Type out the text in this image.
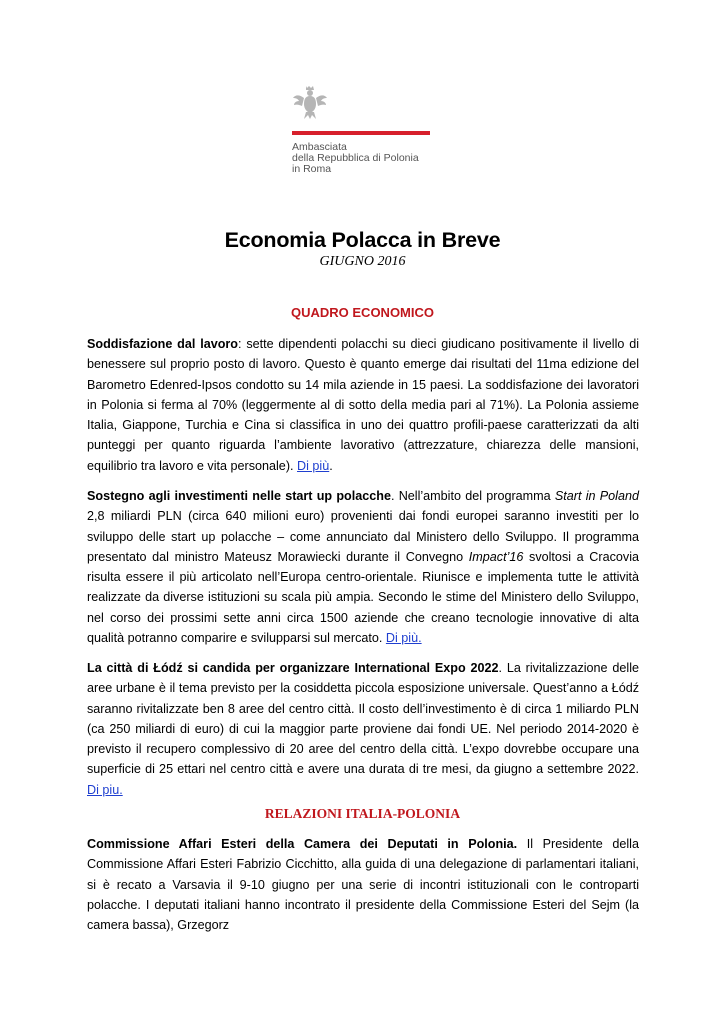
Ambasciata
della Repubblica di Polonia
in Roma
Economia Polacca in Breve
GIUGNO 2016
QUADRO ECONOMICO

Soddisfazione dal lavoro: sette dipendenti polacchi su dieci giudicano positivamente il livello di benessere sul proprio posto di lavoro. Questo è quanto emerge dai risultati del 11ma edizione del Barometro Edenred-Ipsos condotto su 14 mila aziende in 15 paesi. La soddisfazione dei lavoratori in Polonia si ferma al 70% (leggermente al di sotto della media pari al 71%). La Polonia assieme Italia, Giappone, Turchia e Cina si classifica in uno dei quattro profili-paese caratterizzati da alti punteggi per quanto riguarda l’ambiente lavorativo (attrezzature, chiarezza delle mansioni, equilibrio tra lavoro e vita personale). Di più.

Sostegno agli investimenti nelle start up polacche. Nell’ambito del programma Start in Poland 2,8 miliardi PLN (circa 640 milioni euro) provenienti dai fondi europei saranno investiti per lo sviluppo delle start up polacche – come annunciato dal Ministero dello Sviluppo. Il programma presentato dal ministro Mateusz Morawiecki durante il Convegno Impact’16 svoltosi a Cracovia risulta essere il più articolato nell’Europa centro-orientale. Riunisce e implementa tutte le attività realizzate da diverse istituzioni su scala più ampia. Secondo le stime del Ministero dello Sviluppo, nel corso dei prossimi sette anni circa 1500 aziende che creano tecnologie innovative di alta qualità potranno comparire e svilupparsi sul mercato. Di più.

La città di Łódź si candida per organizzare International Expo 2022. La rivitalizzazione delle aree urbane è il tema previsto per la cosiddetta piccola esposizione universale. Quest’anno a Łódź saranno rivitalizzate ben 8 aree del centro città. Il costo dell’investimento è di circa 1 miliardo PLN (ca 250 miliardi di euro) di cui la maggior parte proviene dai fondi UE. Nel periodo 2014-2020 è previsto il recupero complessivo di 20 aree del centro della città. L’expo dovrebbe occupare una superficie di 25 ettari nel centro città e avere una durata di tre mesi, da giugno a settembre 2022. Di piu.

RELAZIONI ITALIA-POLONIA

Commissione Affari Esteri della Camera dei Deputati in Polonia. Il Presidente della Commissione Affari Esteri Fabrizio Cicchitto, alla guida di una delegazione di parlamentari italiani, si è recato a Varsavia il 9-10 giugno per una serie di incontri istituzionali con le controparti polacche. I deputati italiani hanno incontrato il presidente della Commissione Esteri del Sejm (la camera bassa), Grzegorz
